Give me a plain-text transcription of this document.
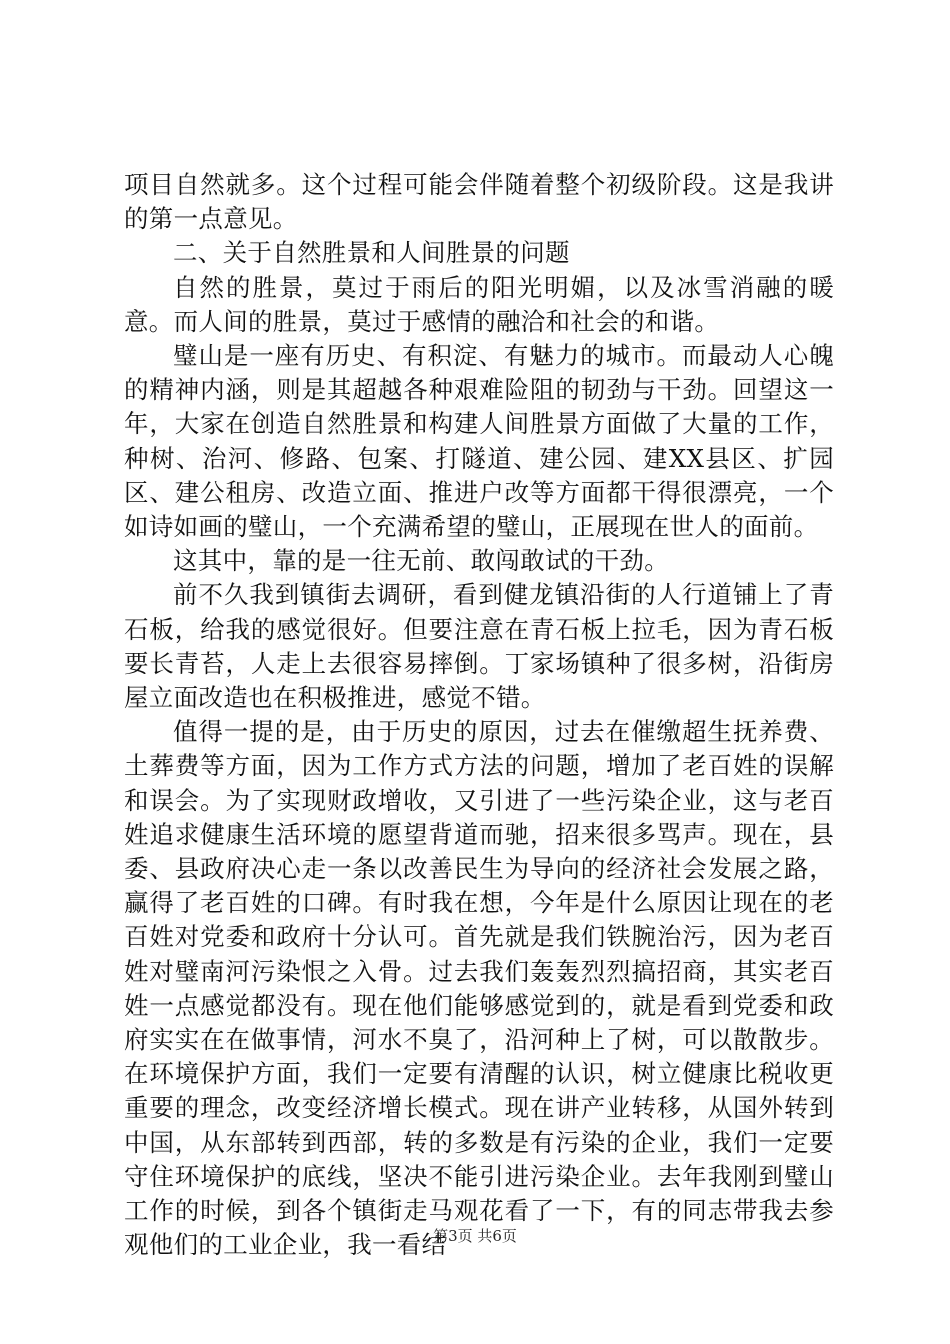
项目自然就多。这个过程可能会伴随着整个初级阶段。这是我讲的第一点意见。

二、关于自然胜景和人间胜景的问题

自然的胜景，莫过于雨后的阳光明媚，以及冰雪消融的暖意。而人间的胜景，莫过于感情的融洽和社会的和谐。

璧山是一座有历史、有积淀、有魅力的城市。而最动人心魄的精神内涵，则是其超越各种艰难险阻的韧劲与干劲。回望这一年，大家在创造自然胜景和构建人间胜景方面做了大量的工作，种树、治河、修路、包案、打隧道、建公园、建XX县区、扩园区、建公租房、改造立面、推进户改等方面都干得很漂亮，一个如诗如画的璧山，一个充满希望的璧山，正展现在世人的面前。

这其中，靠的是一往无前、敢闯敢试的干劲。

前不久我到镇街去调研，看到健龙镇沿街的人行道铺上了青石板，给我的感觉很好。但要注意在青石板上拉毛，因为青石板要长青苔，人走上去很容易摔倒。丁家场镇种了很多树，沿街房屋立面改造也在积极推进，感觉不错。

值得一提的是，由于历史的原因，过去在催缴超生抚养费、土葬费等方面，因为工作方式方法的问题，增加了老百姓的误解和误会。为了实现财政增收，又引进了一些污染企业，这与老百姓追求健康生活环境的愿望背道而驰，招来很多骂声。现在，县委、县政府决心走一条以改善民生为导向的经济社会发展之路，赢得了老百姓的口碑。有时我在想，今年是什么原因让现在的老百姓对党委和政府十分认可。首先就是我们铁腕治污，因为老百姓对璧南河污染恨之入骨。过去我们轰轰烈烈搞招商，其实老百姓一点感觉都没有。现在他们能够感觉到的，就是看到党委和政府实实在在做事情，河水不臭了，沿河种上了树，可以散散步。在环境保护方面，我们一定要有清醒的认识，树立健康比税收更重要的理念，改变经济增长模式。现在讲产业转移，从国外转到中国，从东部转到西部，转的多数是有污染的企业，我们一定要守住环境保护的底线，坚决不能引进污染企业。去年我刚到璧山工作的时候，到各个镇街走马观花看了一下，有的同志带我去参观他们的工业企业，我一看结

第3页 共6页
